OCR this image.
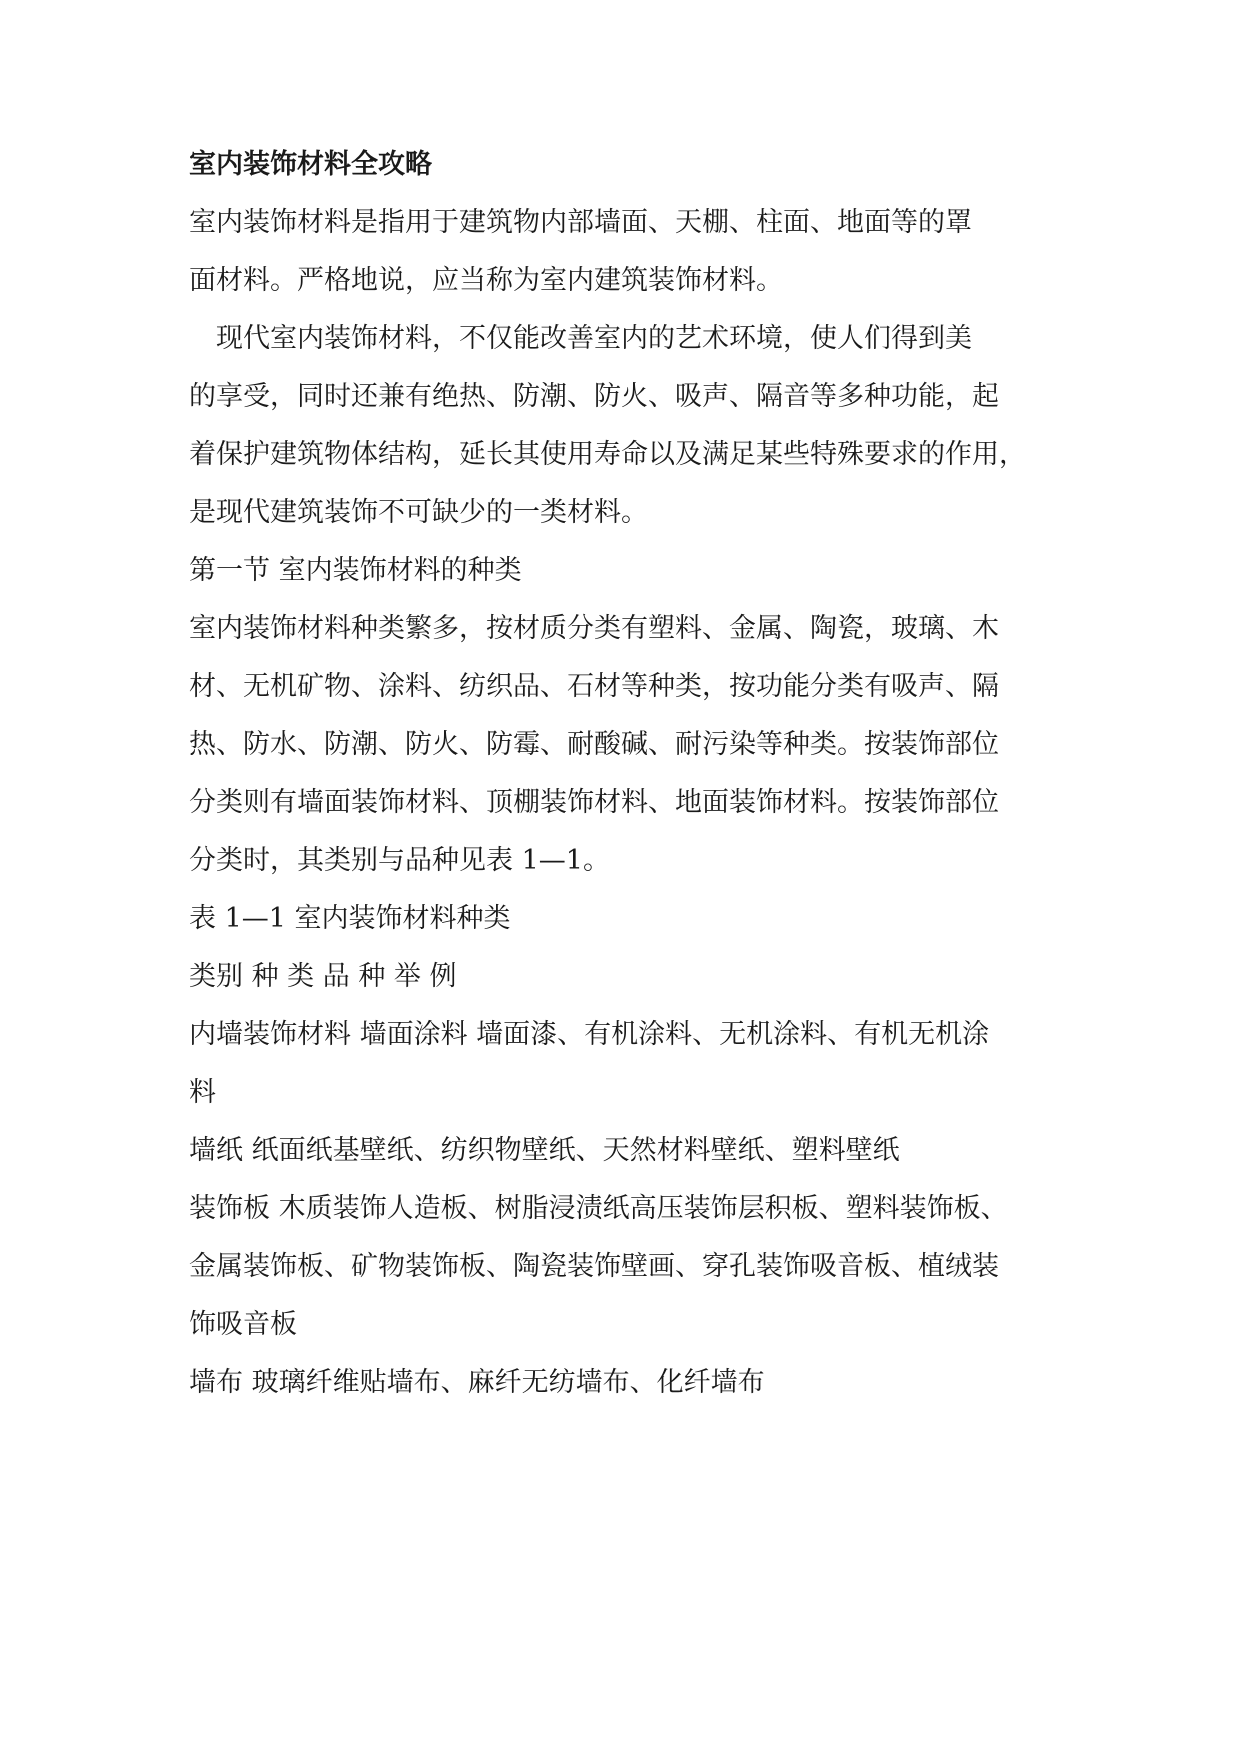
室内装饰材料全攻略
室内装饰材料是指用于建筑物内部墙面、天棚、柱面、地面等的罩
面材料。严格地说，应当称为室内建筑装饰材料。
　现代室内装饰材料，不仅能改善室内的艺术环境，使人们得到美
的享受，同时还兼有绝热、防潮、防火、吸声、隔音等多种功能，起
着保护建筑物体结构，延长其使用寿命以及满足某些特殊要求的作用，
是现代建筑装饰不可缺少的一类材料。
第一节 室内装饰材料的种类
室内装饰材料种类繁多，按材质分类有塑料、金属、陶瓷，玻璃、木
材、无机矿物、涂料、纺织品、石材等种类，按功能分类有吸声、隔
热、防水、防潮、防火、防霉、耐酸碱、耐污染等种类。按装饰部位
分类则有墙面装饰材料、顶棚装饰材料、地面装饰材料。按装饰部位
分类时，其类别与品种见表 1—1。
表 1—1 室内装饰材料种类
类别 种 类 品 种 举 例
内墙装饰材料 墙面涂料 墙面漆、有机涂料、无机涂料、有机无机涂
料
墙纸 纸面纸基壁纸、纺织物壁纸、天然材料壁纸、塑料壁纸
装饰板 木质装饰人造板、树脂浸渍纸高压装饰层积板、塑料装饰板、
金属装饰板、矿物装饰板、陶瓷装饰壁画、穿孔装饰吸音板、植绒装
饰吸音板
墙布 玻璃纤维贴墙布、麻纤无纺墙布、化纤墙布
